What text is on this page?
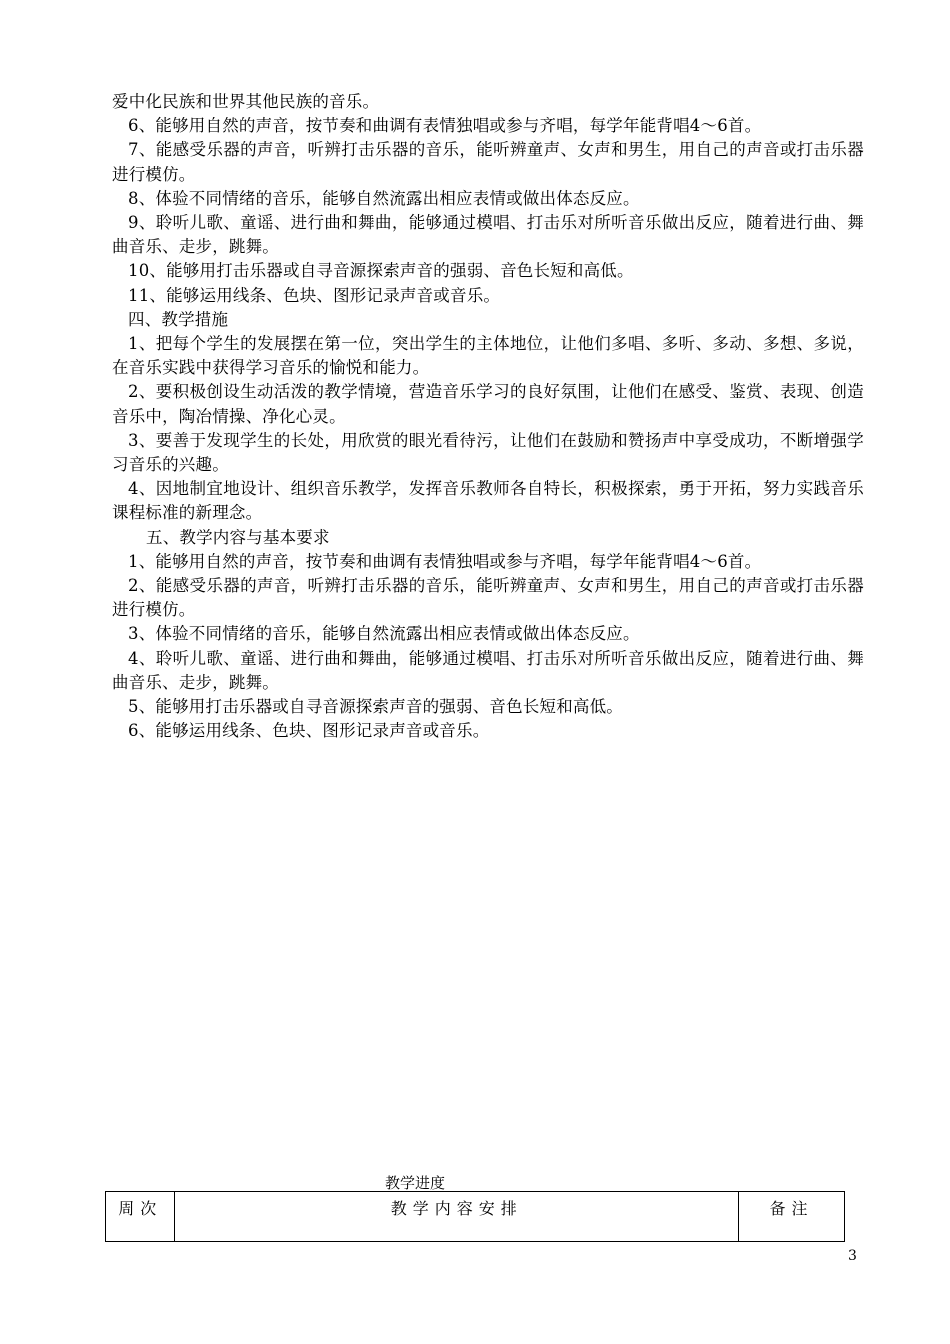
爱中化民族和世界其他民族的音乐。

6、能够用自然的声音，按节奏和曲调有表情独唱或参与齐唱，每学年能背唱4～6首。

7、能感受乐器的声音，听辨打击乐器的音乐，能听辨童声、女声和男生，用自己的声音或打击乐器进行模仿。

8、体验不同情绪的音乐，能够自然流露出相应表情或做出体态反应。

9、聆听儿歌、童谣、进行曲和舞曲，能够通过模唱、打击乐对所听音乐做出反应，随着进行曲、舞曲音乐、走步，跳舞。

10、能够用打击乐器或自寻音源探索声音的强弱、音色长短和高低。

11、能够运用线条、色块、图形记录声音或音乐。

四、教学措施

1、把每个学生的发展摆在第一位，突出学生的主体地位，让他们多唱、多听、多动、多想、多说，在音乐实践中获得学习音乐的愉悦和能力。

2、要积极创设生动活泼的教学情境，营造音乐学习的良好氛围，让他们在感受、鉴赏、表现、创造音乐中，陶冶情操、净化心灵。

3、要善于发现学生的长处，用欣赏的眼光看待污，让他们在鼓励和赞扬声中享受成功，不断增强学习音乐的兴趣。

4、因地制宜地设计、组织音乐教学，发挥音乐教师各自特长，积极探索，勇于开拓，努力实践音乐课程标准的新理念。

五、教学内容与基本要求

1、能够用自然的声音，按节奏和曲调有表情独唱或参与齐唱，每学年能背唱4～6首。

2、能感受乐器的声音，听辨打击乐器的音乐，能听辨童声、女声和男生，用自己的声音或打击乐器进行模仿。

3、体验不同情绪的音乐，能够自然流露出相应表情或做出体态反应。

4、聆听儿歌、童谣、进行曲和舞曲，能够通过模唱、打击乐对所听音乐做出反应，随着进行曲、舞曲音乐、走步，跳舞。

5、能够用打击乐器或自寻音源探索声音的强弱、音色长短和高低。

6、能够运用线条、色块、图形记录声音或音乐。

教学进度
周次	教学内容安排	备注
3
